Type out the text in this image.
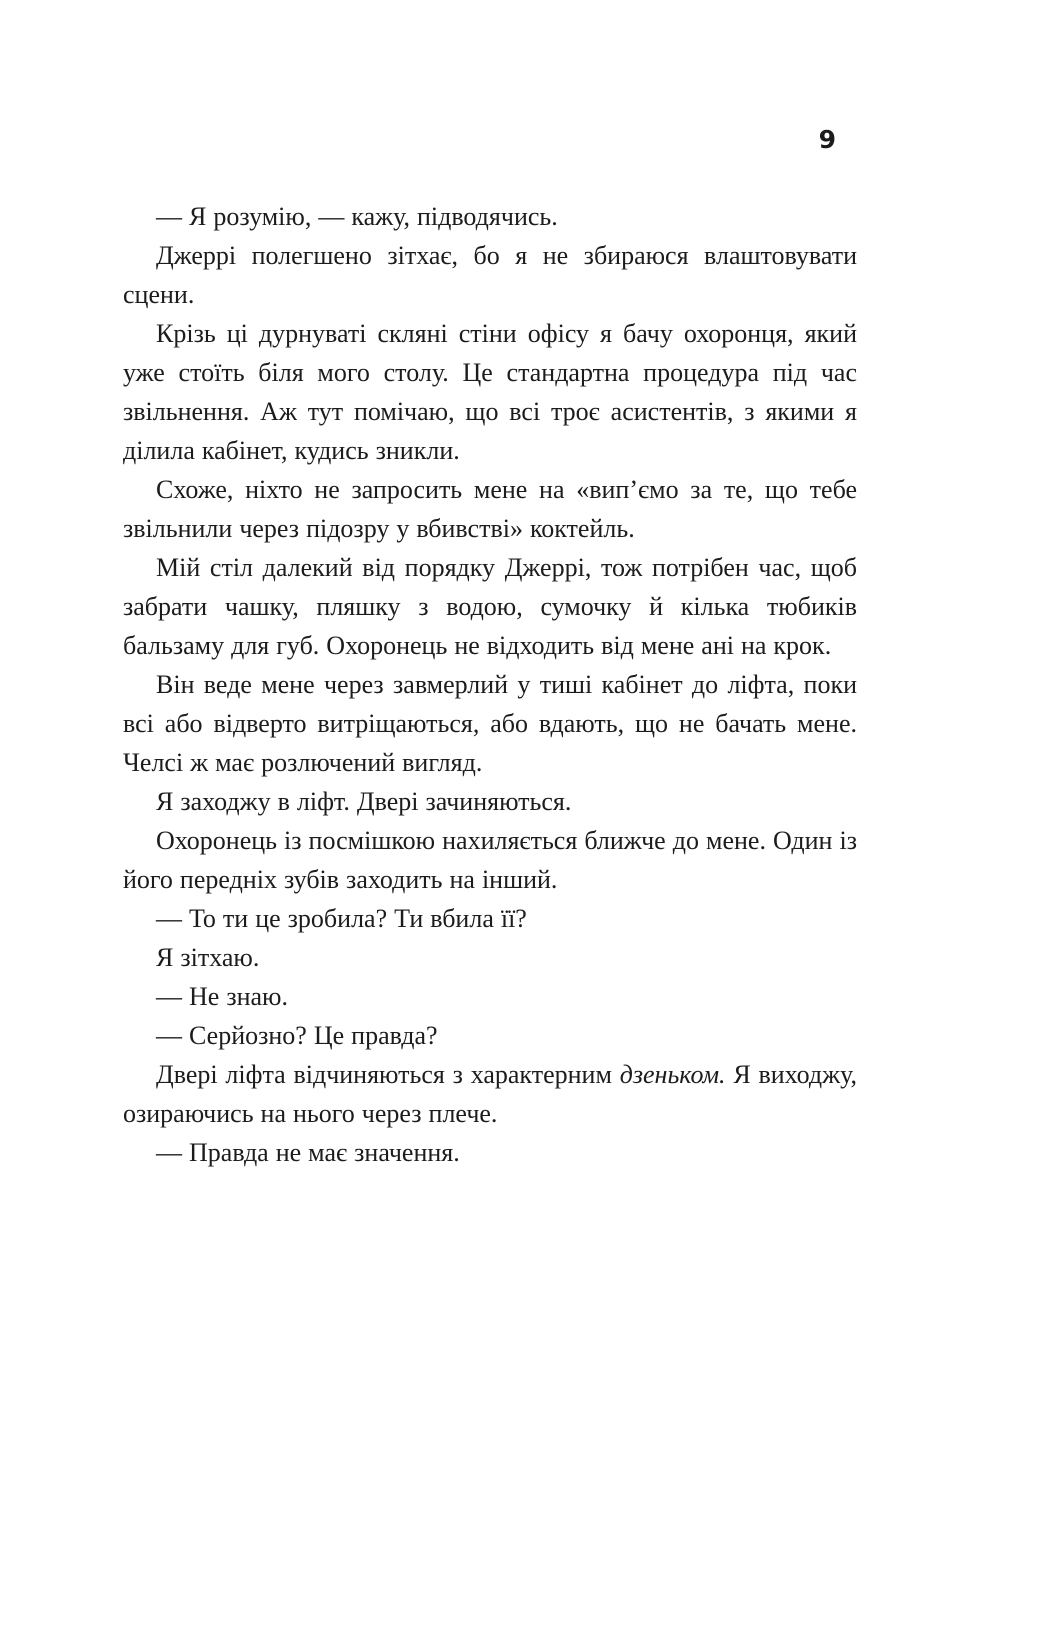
9

— Я розумію, — кажу, підводячись.

Джеррі полегшено зітхає, бо я не збираюся влаштовувати сцени.

Крізь ці дурнуваті скляні стіни офісу я бачу охоронця, який уже стоїть біля мого столу. Це стандартна процедура під час звільнення. Аж тут помічаю, що всі троє асистентів, з якими я ділила кабінет, кудись зникли.

Схоже, ніхто не запросить мене на «вип’ємо за те, що тебе звільнили через підозру у вбивстві» коктейль.

Мій стіл далекий від порядку Джеррі, тож потрібен час, щоб забрати чашку, пляшку з водою, сумочку й кілька тюбиків бальзаму для губ. Охоронець не відходить від мене ані на крок.

Він веде мене через завмерлий у тиші кабінет до ліфта, поки всі або відверто витріщаються, або вдають, що не бачать мене. Челсі ж має розлючений вигляд.

Я заходжу в ліфт. Двері зачиняються.

Охоронець із посмішкою нахиляється ближче до мене. Один із його передніх зубів заходить на інший.

— То ти це зробила? Ти вбила її?

Я зітхаю.

— Не знаю.

— Серйозно? Це правда?

Двері ліфта відчиняються з характерним дзеньком. Я виходжу, озираючись на нього через плече.

— Правда не має значення.
